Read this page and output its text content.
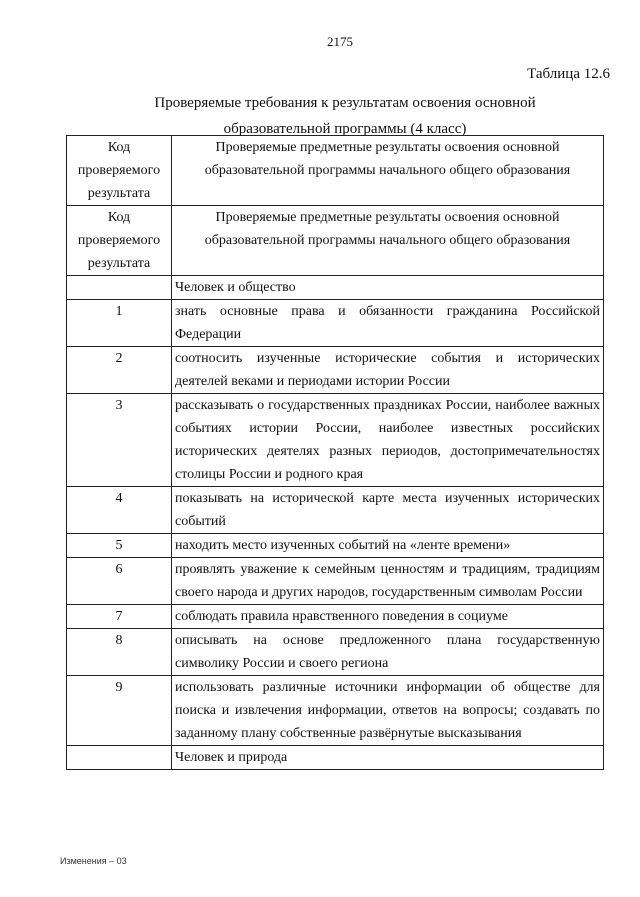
2175
Таблица 12.6
Проверяемые требования к результатам освоения основной
образовательной программы (4 класс)
Код проверяемого результата	Проверяемые предметные результаты освоения основной образовательной программы начального общего образования
Код проверяемого результата	Проверяемые предметные результаты освоения основной образовательной программы начального общего образования
	Человек и общество
1	знать основные права и обязанности гражданина Российской Федерации
2	соотносить изученные исторические события и исторических деятелей веками и периодами истории России
3	рассказывать о государственных праздниках России, наиболее важных событиях истории России, наиболее известных российских исторических деятелях разных периодов, достопримечательностях столицы России и родного края
4	показывать на исторической карте места изученных исторических событий
5	находить место изученных событий на «ленте времени»
6	проявлять уважение к семейным ценностям и традициям, традициям своего народа и других народов, государственным символам России
7	соблюдать правила нравственного поведения в социуме
8	описывать на основе предложенного плана государственную символику России и своего региона
9	использовать различные источники информации об обществе для поиска и извлечения информации, ответов на вопросы; создавать по заданному плану собственные развёрнутые высказывания
	Человек и природа
Изменения – 03
